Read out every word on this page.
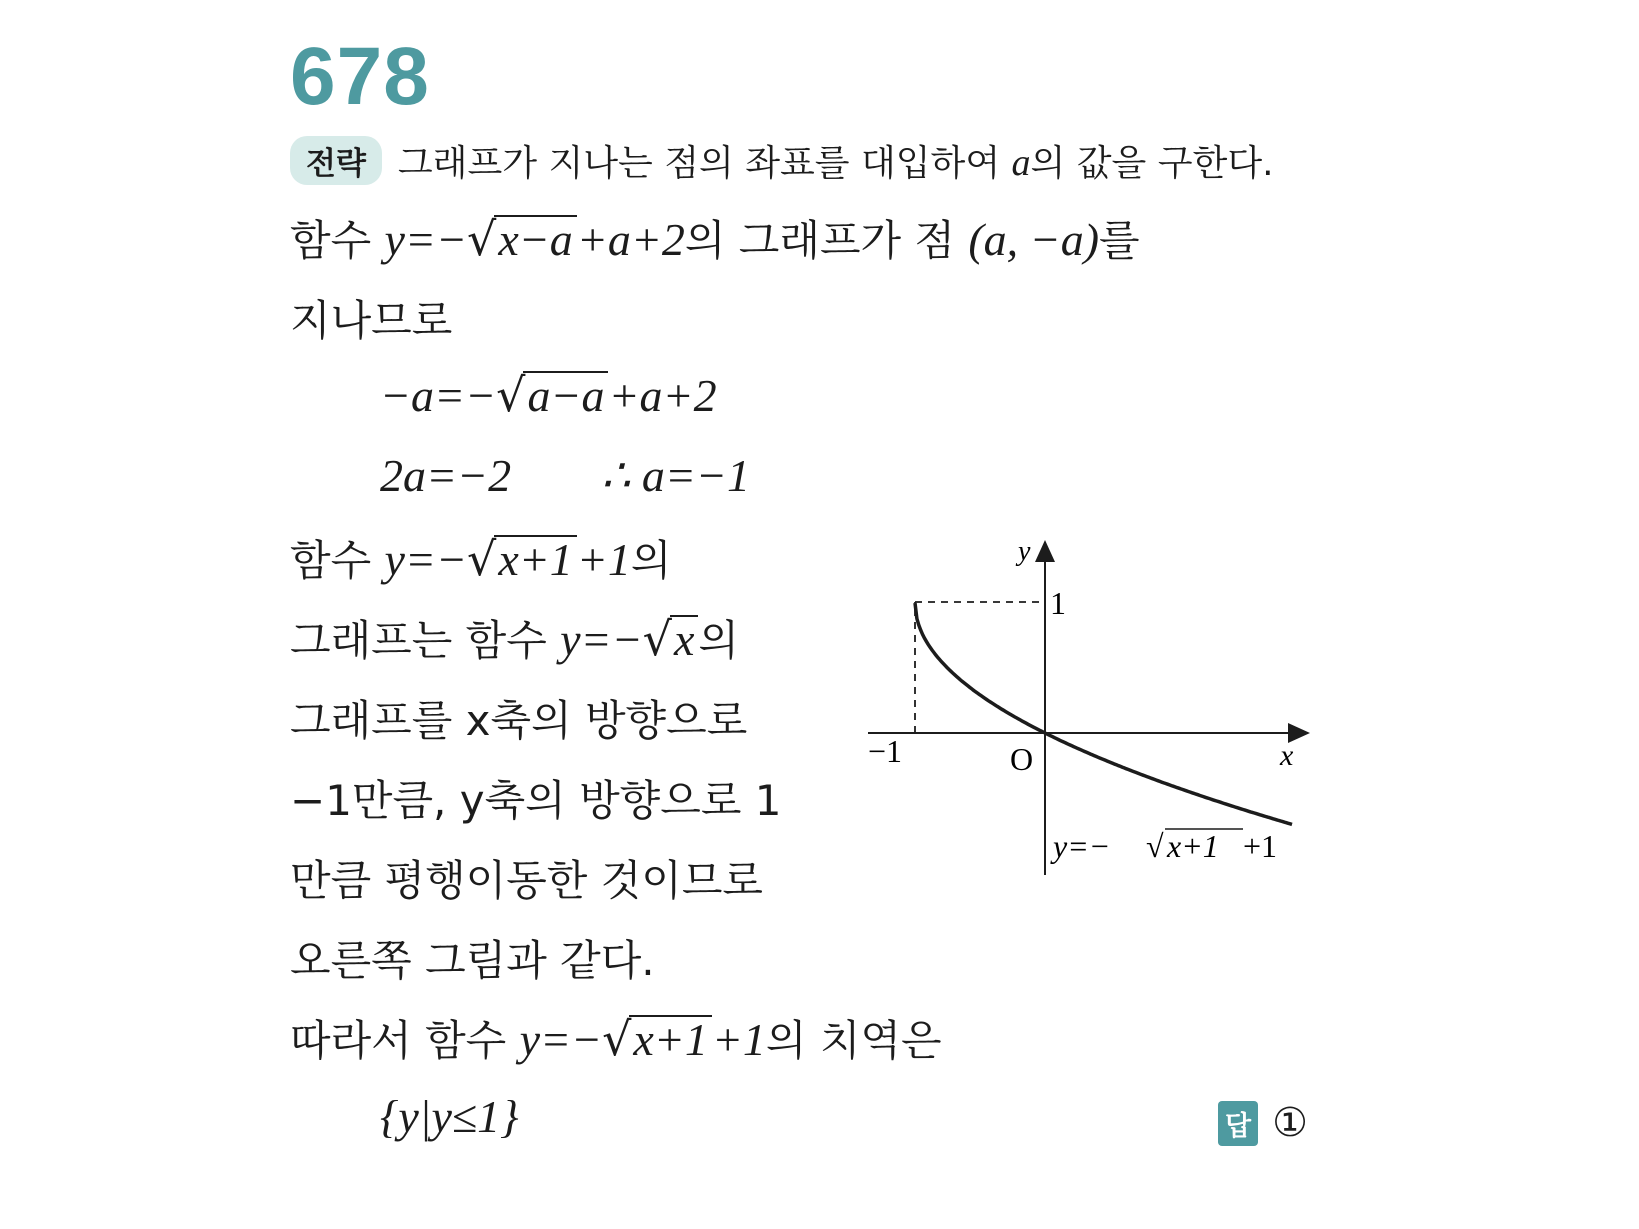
678
전략 그래프가 지나는 점의 좌표를 대입하여 a의 값을 구한다.
함수 y=−√x−a+a+2의 그래프가 점 (a, −a)를
지나므로
−a=−√a−a+a+2
2a=−2 ∴ a=−1
함수 y=−√x+1+1의
그래프는 함수 y=−√x의
그래프를 x축의 방향으로
−1만큼, y축의 방향으로 1
만큼 평행이동한 것이므로
오른쪽 그림과 같다.
따라서 함수 y=−√x+1+1의 치역은
{y|y≤1}	답 ①
y
x
O
−1
1
y=− √ x+1 +1
